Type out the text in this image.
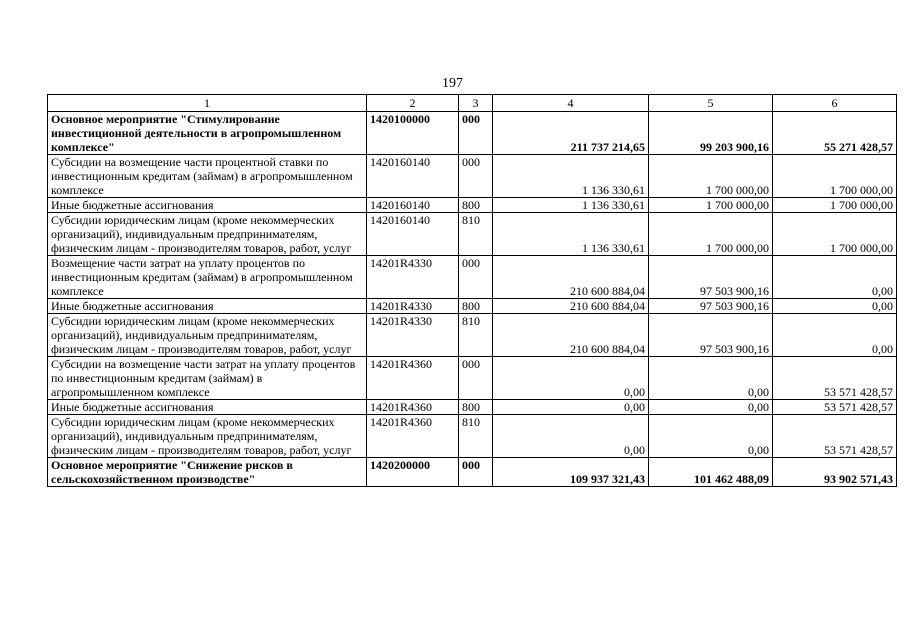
197
1	2	3	4	5	6
Основное мероприятие "Стимулирование инвестиционной деятельности в агропромышленном комплексе"	1420100000	000	211 737 214,65	99 203 900,16	55 271 428,57
Субсидии на возмещение части процентной ставки по инвестиционным кредитам (займам) в агропромышленном комплексе	1420160140	000	1 136 330,61	1 700 000,00	1 700 000,00
Иные бюджетные ассигнования	1420160140	800	1 136 330,61	1 700 000,00	1 700 000,00
Субсидии юридическим лицам (кроме некоммерческих организаций), индивидуальным предпринимателям, физическим лицам - производителям товаров, работ, услуг	1420160140	810	1 136 330,61	1 700 000,00	1 700 000,00
Возмещение части затрат на уплату процентов по инвестиционным кредитам (займам) в агропромышленном комплексе	14201R4330	000	210 600 884,04	97 503 900,16	0,00
Иные бюджетные ассигнования	14201R4330	800	210 600 884,04	97 503 900,16	0,00
Субсидии юридическим лицам (кроме некоммерческих организаций), индивидуальным предпринимателям, физическим лицам - производителям товаров, работ, услуг	14201R4330	810	210 600 884,04	97 503 900,16	0,00
Субсидии на возмещение части затрат на уплату процентов по инвестиционным кредитам (займам) в агропромышленном комплексе	14201R4360	000	0,00	0,00	53 571 428,57
Иные бюджетные ассигнования	14201R4360	800	0,00	0,00	53 571 428,57
Субсидии юридическим лицам (кроме некоммерческих организаций), индивидуальным предпринимателям, физическим лицам - производителям товаров, работ, услуг	14201R4360	810	0,00	0,00	53 571 428,57
Основное мероприятие "Снижение рисков в сельскохозяйственном производстве"	1420200000	000	109 937 321,43	101 462 488,09	93 902 571,43
